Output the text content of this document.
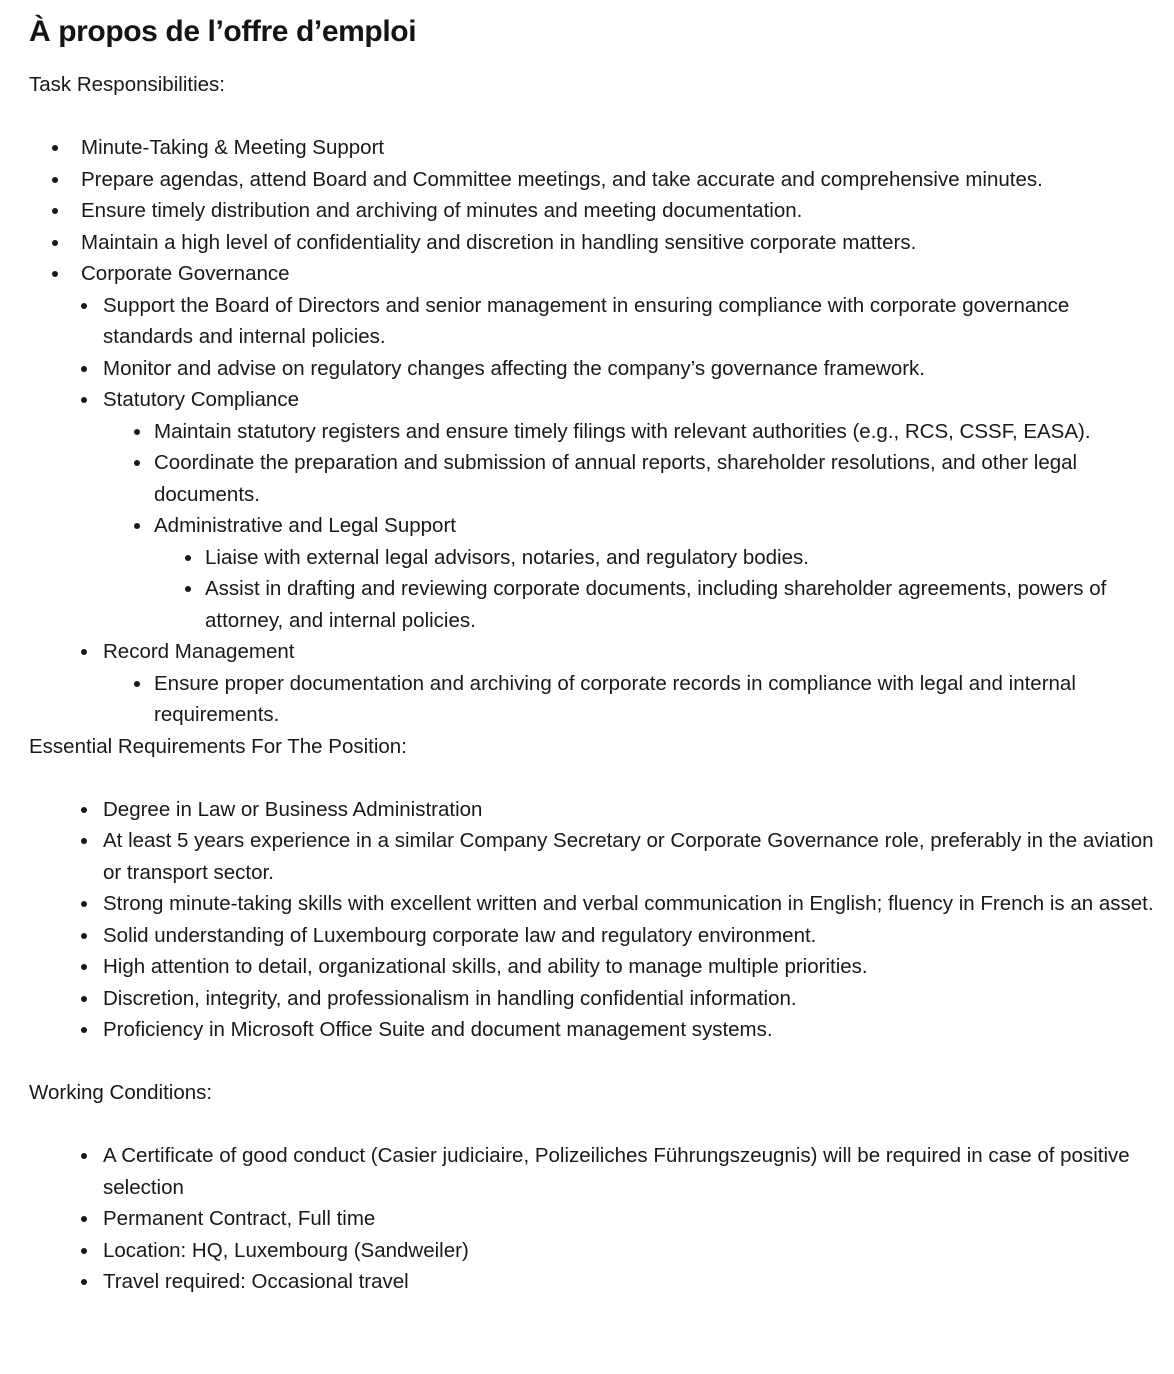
À propos de l’offre d’emploi

Task Responsibilities:

Minute-Taking & Meeting Support
Prepare agendas, attend Board and Committee meetings, and take accurate and comprehensive minutes.
Ensure timely distribution and archiving of minutes and meeting documentation.
Maintain a high level of confidentiality and discretion in handling sensitive corporate matters.
Corporate Governance
Support the Board of Directors and senior management in ensuring compliance with corporate governance standards and internal policies.
Monitor and advise on regulatory changes affecting the company’s governance framework.
Statutory Compliance
Maintain statutory registers and ensure timely filings with relevant authorities (e.g., RCS, CSSF, EASA).
Coordinate the preparation and submission of annual reports, shareholder resolutions, and other legal documents.
Administrative and Legal Support
Liaise with external legal advisors, notaries, and regulatory bodies.
Assist in drafting and reviewing corporate documents, including shareholder agreements, powers of attorney, and internal policies.
Record Management
Ensure proper documentation and archiving of corporate records in compliance with legal and internal requirements.

Essential Requirements For The Position:

Degree in Law or Business Administration
At least 5 years experience in a similar Company Secretary or Corporate Governance role, preferably in the aviation or transport sector.
Strong minute-taking skills with excellent written and verbal communication in English; fluency in French is an asset.
Solid understanding of Luxembourg corporate law and regulatory environment.
High attention to detail, organizational skills, and ability to manage multiple priorities.
Discretion, integrity, and professionalism in handling confidential information.
Proficiency in Microsoft Office Suite and document management systems.

Working Conditions:

A Certificate of good conduct (Casier judiciaire, Polizeiliches Führungszeugnis) will be required in case of positive selection
Permanent Contract, Full time
Location: HQ, Luxembourg (Sandweiler)
Travel required: Occasional travel
